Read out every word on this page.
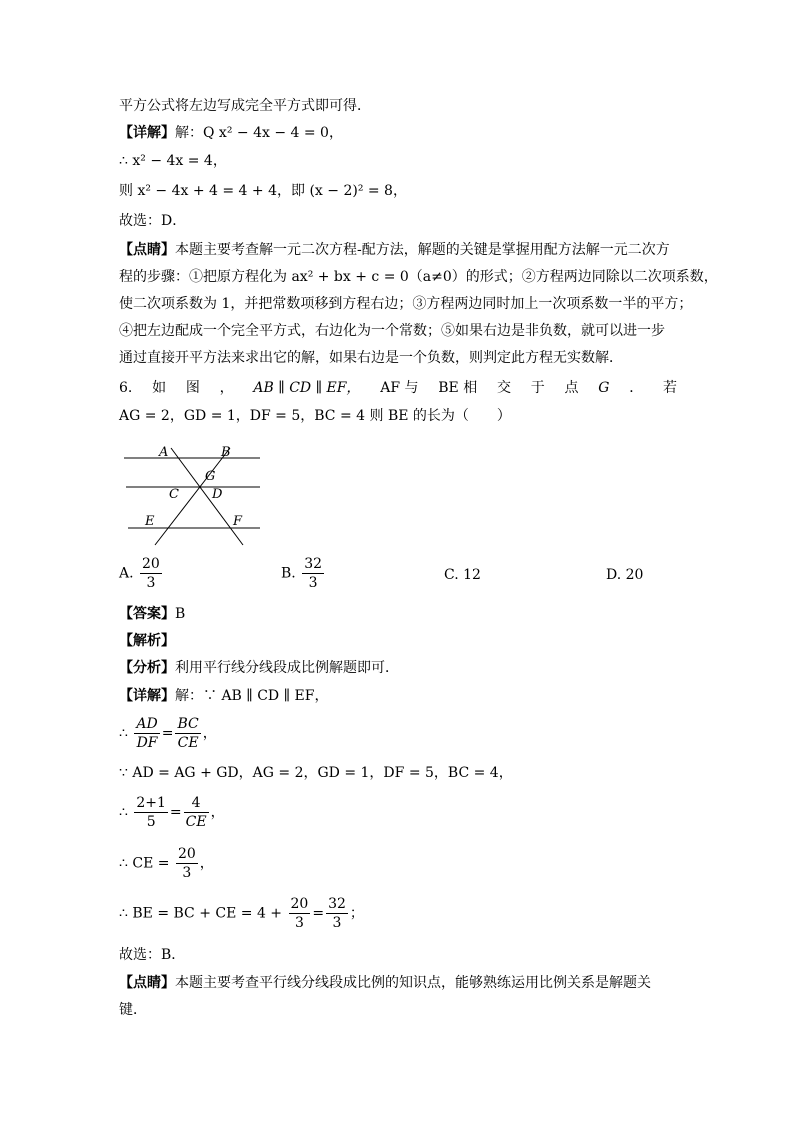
平方公式将左边写成完全平方式即可得．
【详解】解：Q x² − 4x − 4 = 0，
∴ x² − 4x = 4，
则 x² − 4x + 4 = 4 + 4，即 (x − 2)² = 8，
故选：D．
【点睛】本题主要考查解一元二次方程-配方法，解题的关键是掌握用配方法解一元二次方
程的步骤：①把原方程化为 ax² + bx + c = 0（a≠0）的形式；②方程两边同除以二次项系数，
使二次项系数为 1，并把常数项移到方程右边；③方程两边同时加上一次项系数一半的平方；
④把左边配成一个完全平方式，右边化为一个常数；⑤如果右边是非负数，就可以进一步
通过直接开平方法来求出它的解，如果右边是一个负数，则判定此方程无实数解．
6. 如 图 ， AB ∥ CD ∥ EF， AF 与 BE 相 交 于 点 G ． 若
AG = 2，GD = 1，DF = 5，BC = 4 则 BE 的长为（　　）
A	B
G
C	D
E	F
A. $\frac{20}{3}$	B. $\frac{32}{3}$	C. 12	D. 20
【答案】B
【解析】
【分析】利用平行线分线段成比例解题即可．
【详解】解：∵ AB ∥ CD ∥ EF，
∴ $\frac{AD}{DF} = \frac{BC}{CE}$ ，
∵ AD = AG + GD，AG = 2，GD = 1，DF = 5，BC = 4，
∴ $\frac{2+1}{5} = \frac{4}{CE}$ ，
∴ CE = $\frac{20}{3}$ ，
∴ BE = BC + CE = $4 + \frac{20}{3} = \frac{32}{3}$ ；
故选：B．
【点睛】本题主要考查平行线分线段成比例的知识点，能够熟练运用比例关系是解题关
键．
